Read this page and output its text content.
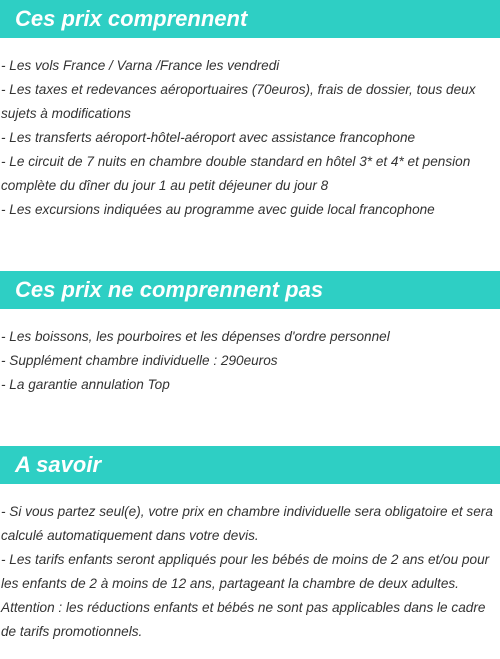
Ces prix comprennent

- Les vols France / Varna /France les vendredi

- Les taxes et redevances aéroportuaires (70euros), frais de dossier, tous deux sujets à modifications

- Les transferts aéroport-hôtel-aéroport avec assistance francophone

- Le circuit de 7 nuits en chambre double standard en hôtel 3* et 4* et pension complète du dîner du jour 1 au petit déjeuner du jour 8

- Les excursions indiquées au programme avec guide local francophone

Ces prix ne comprennent pas

- Les boissons, les pourboires et les dépenses d'ordre personnel

- Supplément chambre individuelle : 290euros

- La garantie annulation Top

A savoir

- Si vous partez seul(e), votre prix en chambre individuelle sera obligatoire et sera calculé automatiquement dans votre devis.

- Les tarifs enfants seront appliqués pour les bébés de moins de 2 ans et/ou pour les enfants de 2 à moins de 12 ans, partageant la chambre de deux adultes.

Attention : les réductions enfants et bébés ne sont pas applicables dans le cadre de tarifs promotionnels.
